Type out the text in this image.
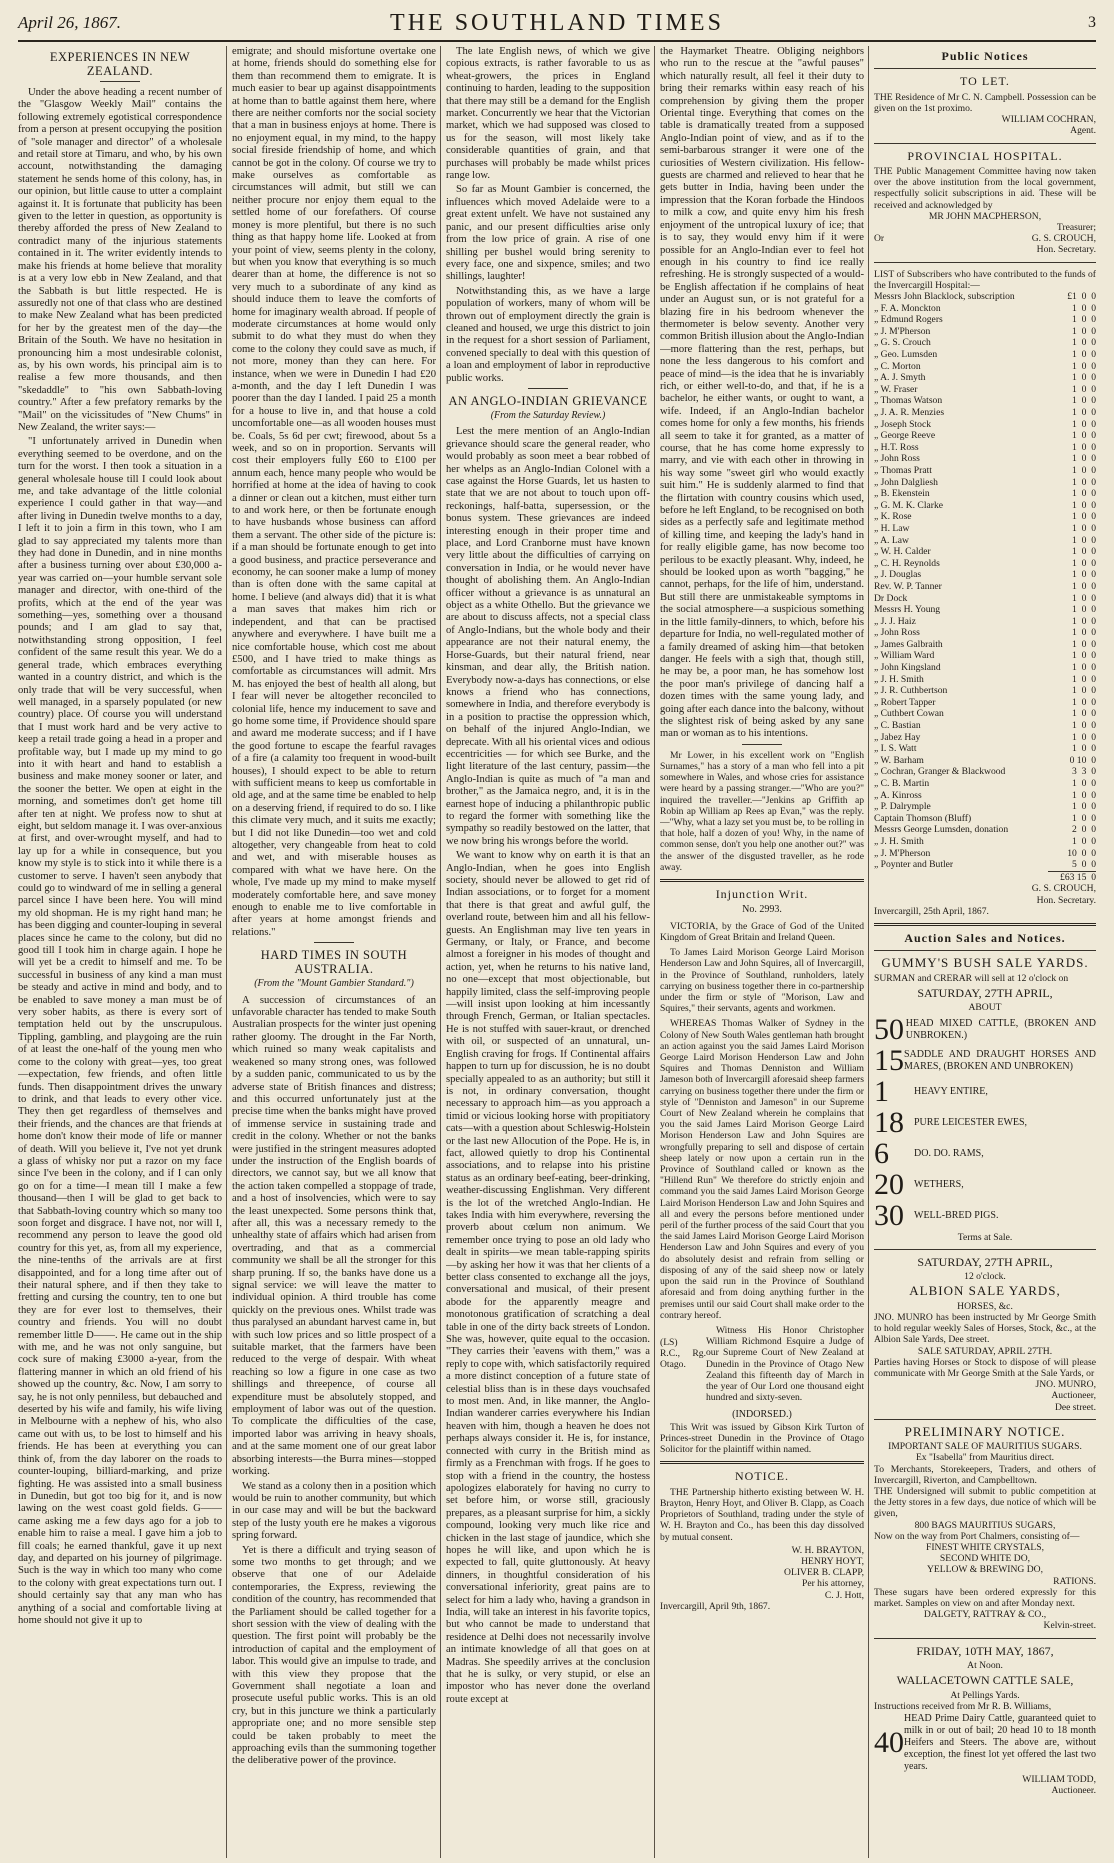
April 26, 1867.	THE SOUTHLAND TIMES	3
EXPERIENCES IN NEW ZEALAND.

Under the above heading a recent number of the "Glasgow Weekly Mail" contains the following extremely egotistical correspondence from a person at present occupying the position of "sole manager and director" of a wholesale and retail store at Timaru, and who, by his own account, notwithstanding the damaging statement he sends home of this colony, has, in our opinion, but little cause to utter a complaint against it. It is fortunate that publicity has been given to the letter in question, as opportunity is thereby afforded the press of New Zealand to contradict many of the injurious statements contained in it. The writer evidently intends to make his friends at home believe that morality is at a very low ebb in New Zealand, and that the Sabbath is but little respected. He is assuredly not one of that class who are destined to make New Zealand what has been predicted for her by the greatest men of the day—the Britain of the South. We have no hesitation in pronouncing him a most undesirable colonist, as, by his own words, his principal aim is to realise a few more thousands, and then "skedaddle" to "his own Sabbath-loving country." After a few prefatory remarks by the "Mail" on the vicissitudes of "New Chums" in New Zealand, the writer says:—

"I unfortunately arrived in Dunedin when everything seemed to be overdone, and on the turn for the worst. I then took a situation in a general wholesale house till I could look about me, and take advantage of the little colonial experience I could gather in that way—and after living in Dunedin twelve months to a day, I left it to join a firm in this town, who I am glad to say appreciated my talents more than they had done in Dunedin, and in nine months after a business turning over about £30,000 a-year was carried on—your humble servant sole manager and director, with one-third of the profits, which at the end of the year was something—yes, something over a thousand pounds; and I am glad to say that, notwithstanding strong opposition, I feel confident of the same result this year. We do a general trade, which embraces everything wanted in a country district, and which is the only trade that will be very successful, when well managed, in a sparsely populated (or new country) place. Of course you will understand that I must work hard and be very active to keep a retail trade going a head in a proper and profitable way, but I made up my mind to go into it with heart and hand to establish a business and make money sooner or later, and the sooner the better. We open at eight in the morning, and sometimes don't get home till after ten at night. We profess now to shut at eight, but seldom manage it. I was over-anxious at first, and over-wrought myself, and had to lay up for a while in consequence, but you know my style is to stick into it while there is a customer to serve. I haven't seen anybody that could go to windward of me in selling a general parcel since I have been here. You will mind my old shopman. He is my right hand man; he has been digging and counter-louping in several places since he came to the colony, but did no good till I took him in charge again. I hope he will yet be a credit to himself and me. To be successful in business of any kind a man must be steady and active in mind and body, and to be enabled to save money a man must be of very sober habits, as there is every sort of temptation held out by the unscrupulous. Tippling, gambling, and playgoing are the ruin of at least the one-half of the young men who come to the colony with great—yes, too great—expectation, few friends, and often little funds. Then disappointment drives the unwary to drink, and that leads to every other vice. They then get regardless of themselves and their friends, and the chances are that friends at home don't know their mode of life or manner of death. Will you believe it, I've not yet drunk a glass of whisky nor put a razor on my face since I've been in the colony, and if I can only go on for a time—I mean till I make a few thousand—then I will be glad to get back to that Sabbath-loving country which so many too soon forget and disgrace. I have not, nor will I, recommend any person to leave the good old country for this yet, as, from all my experience, the nine-tenths of the arrivals are at first disappointed, and for a long time after out of their natural sphere, and if then they take to fretting and cursing the country, ten to one but they are for ever lost to themselves, their country and friends. You will no doubt remember little D——. He came out in the ship with me, and he was not only sanguine, but cock sure of making £3000 a-year, from the flattering manner in which an old friend of his showed up the country, &c. Now, I am sorry to say, he is not only penniless, but debauched and deserted by his wife and family, his wife living in Melbourne with a nephew of his, who also came out with us, to be lost to himself and his friends. He has been at everything you can think of, from the day laborer on the roads to counter-louping, billiard-marking, and prize fighting. He was assisted into a small business in Dunedin, but got too big for it, and is now lawing on the west coast gold fields. G—— came asking me a few days ago for a job to enable him to raise a meal. I gave him a job to fill coals; he earned thankful, gave it up next day, and departed on his journey of pilgrimage. Such is the way in which too many who come to the colony with great expectations turn out. I should certainly say that any man who has anything of a social and comfortable living at home should not give it up to

emigrate; and should misfortune overtake one at home, friends should do something else for them than recommend them to emigrate. It is much easier to bear up against disappointments at home than to battle against them here, where there are neither comforts nor the social society that a man in business enjoys at home. There is no enjoyment equal, in my mind, to the happy social fireside friendship of home, and which cannot be got in the colony. Of course we try to make ourselves as comfortable as circumstances will admit, but still we can neither procure nor enjoy them equal to the settled home of our forefathers. Of course money is more plentiful, but there is no such thing as that happy home life. Looked at from your point of view, seems plenty in the colony, but when you know that everything is so much dearer than at home, the difference is not so very much to a subordinate of any kind as should induce them to leave the comforts of home for imaginary wealth abroad. If people of moderate circumstances at home would only submit to do what they must do when they come to the colony they could save as much, if not more, money than they can here. For instance, when we were in Dunedin I had £20 a-month, and the day I left Dunedin I was poorer than the day I landed. I paid 25 a month for a house to live in, and that house a cold uncomfortable one—as all wooden houses must be. Coals, 5s 6d per cwt; firewood, about 5s a week, and so on in proportion. Servants will cost their employers fully £60 to £100 per annum each, hence many people who would be horrified at home at the idea of having to cook a dinner or clean out a kitchen, must either turn to and work here, or then be fortunate enough to have husbands whose business can afford them a servant. The other side of the picture is: if a man should be fortunate enough to get into a good business, and practice perseverance and economy, he can sooner make a lump of money than is often done with the same capital at home. I believe (and always did) that it is what a man saves that makes him rich or independent, and that can be practised anywhere and everywhere. I have built me a nice comfortable house, which cost me about £500, and I have tried to make things as comfortable as circumstances will admit. Mrs M. has enjoyed the best of health all along, but I fear will never be altogether reconciled to colonial life, hence my inducement to save and go home some time, if Providence should spare and award me moderate success; and if I have the good fortune to escape the fearful ravages of a fire (a calamity too frequent in wood-built houses), I should expect to be able to return with sufficient means to keep us comfortable in old age, and at the same time be enabled to help on a deserving friend, if required to do so. I like this climate very much, and it suits me exactly; but I did not like Dunedin—too wet and cold altogether, very changeable from heat to cold and wet, and with miserable houses as compared with what we have here. On the whole, I've made up my mind to make myself moderately comfortable here, and save money enough to enable me to live comfortable in after years at home amongst friends and relations."

HARD TIMES IN SOUTH AUSTRALIA.
(From the "Mount Gambier Standard.")

A succession of circumstances of an unfavorable character has tended to make South Australian prospects for the winter just opening rather gloomy. The drought in the Far North, which ruined so many weak capitalists and weakened so many strong ones, was followed by a sudden panic, communicated to us by the adverse state of British finances and distress; and this occurred unfortunately just at the precise time when the banks might have proved of immense service in sustaining trade and credit in the colony. Whether or not the banks were justified in the stringent measures adopted under the instruction of the English boards of directors, we cannot say, but we all know that the action taken compelled a stoppage of trade, and a host of insolvencies, which were to say the least unexpected. Some persons think that, after all, this was a necessary remedy to the unhealthy state of affairs which had arisen from overtrading, and that as a commercial community we shall be all the stronger for this sharp pruning. If so, the banks have done us a signal service: we will leave the matter to individual opinion. A third trouble has come quickly on the previous ones. Whilst trade was thus paralysed an abundant harvest came in, but with such low prices and so little prospect of a suitable market, that the farmers have been reduced to the verge of despair. With wheat reaching so low a figure in one case as two shillings and threepence, of course all expenditure must be absolutely stopped, and employment of labor was out of the question. To complicate the difficulties of the case, imported labor was arriving in heavy shoals, and at the same moment one of our great labor absorbing interests—the Burra mines—stopped working.

We stand as a colony then in a position which would be ruin to another community, but which in our case may and will be but the backward step of the lusty youth ere he makes a vigorous spring forward.

Yet is there a difficult and trying season of some two months to get through; and we observe that one of our Adelaide contemporaries, the Express, reviewing the condition of the country, has recommended that the Parliament should be called together for a short session with the view of dealing with the question. The first point will probably be the introduction of capital and the employment of labor. This would give an impulse to trade, and with this view they propose that the Government shall negotiate a loan and prosecute useful public works. This is an old cry, but in this juncture we think a particularly appropriate one; and no more sensible step could be taken probably to meet the approaching evils than the summoning together the deliberative power of the province.

The late English news, of which we give copious extracts, is rather favorable to us as wheat-growers, the prices in England continuing to harden, leading to the supposition that there may still be a demand for the English market. Concurrently we hear that the Victorian market, which we had supposed was closed to us for the season, will most likely take considerable quantities of grain, and that purchases will probably be made whilst prices range low.

So far as Mount Gambier is concerned, the influences which moved Adelaide were to a great extent unfelt. We have not sustained any panic, and our present difficulties arise only from the low price of grain. A rise of one shilling per bushel would bring serenity to every face, one and sixpence, smiles; and two shillings, laughter!

Notwithstanding this, as we have a large population of workers, many of whom will be thrown out of employment directly the grain is cleaned and housed, we urge this district to join in the request for a short session of Parliament, convened specially to deal with this question of a loan and employment of labor in reproductive public works.

AN ANGLO-INDIAN GRIEVANCE
(From the Saturday Review.)

Lest the mere mention of an Anglo-Indian grievance should scare the general reader, who would probably as soon meet a bear robbed of her whelps as an Anglo-Indian Colonel with a case against the Horse Guards, let us hasten to state that we are not about to touch upon off-reckonings, half-batta, supersession, or the bonus system. These grievances are indeed interesting enough in their proper time and place, and Lord Cranborne must have known very little about the difficulties of carrying on conversation in India, or he would never have thought of abolishing them. An Anglo-Indian officer without a grievance is as unnatural an object as a white Othello. But the grievance we are about to discuss affects, not a special class of Anglo-Indians, but the whole body and their appearance are not their natural enemy, the Horse-Guards, but their natural friend, near kinsman, and dear ally, the British nation. Everybody now-a-days has connections, or else knows a friend who has connections, somewhere in India, and therefore everybody is in a position to practise the oppression which, on behalf of the injured Anglo-Indian, we deprecate. With all his oriental vices and odious eccentricities — for which see Burke, and the light literature of the last century, passim—the Anglo-Indian is quite as much of "a man and brother," as the Jamaica negro, and, it is in the earnest hope of inducing a philanthropic public to regard the former with something like the sympathy so readily bestowed on the latter, that we now bring his wrongs before the world.

We want to know why on earth it is that an Anglo-Indian, when he goes into English society, should never be allowed to get rid of Indian associations, or to forget for a moment that there is that great and awful gulf, the overland route, between him and all his fellow-guests. An Englishman may live ten years in Germany, or Italy, or France, and become almost a foreigner in his modes of thought and action, yet, when he returns to his native land, no one—except that most objectionable, but happily limited, class the self-improving people—will insist upon looking at him incessantly through French, German, or Italian spectacles. He is not stuffed with sauer-kraut, or drenched with oil, or suspected of an unnatural, un-English craving for frogs. If Continental affairs happen to turn up for discussion, he is no doubt specially appealed to as an authority; but still it is not, in ordinary conversation, thought necessary to approach him—as you approach a timid or vicious looking horse with propitiatory cats—with a question about Schleswig-Holstein or the last new Allocution of the Pope. He is, in fact, allowed quietly to drop his Continental associations, and to relapse into his pristine status as an ordinary beef-eating, beer-drinking, weather-discussing Englishman. Very different is the lot of the wretched Anglo-Indian. He takes India with him everywhere, reversing the proverb about cœlum non animum. We remember once trying to pose an old lady who dealt in spirits—we mean table-rapping spirits—by asking her how it was that her clients of a better class consented to exchange all the joys, conversational and musical, of their present abode for the apparently meagre and monotonous gratification of scratching a deal table in one of the dirty back streets of London. She was, however, quite equal to the occasion. "They carries their 'eavens with them," was a reply to cope with, which satisfactorily required a more distinct conception of a future state of celestial bliss than is in these days vouchsafed to most men. And, in like manner, the Anglo-Indian wanderer carries everywhere his Indian heaven with him, though a heaven he does not perhaps always consider it. He is, for instance, connected with curry in the British mind as firmly as a Frenchman with frogs. If he goes to stop with a friend in the country, the hostess apologizes elaborately for having no curry to set before him, or worse still, graciously prepares, as a pleasant surprise for him, a sickly compound, looking very much like rice and chicken in the last stage of jaundice, which she hopes he will like, and upon which he is expected to fall, quite gluttonously. At heavy dinners, in thoughtful consideration of his conversational inferiority, great pains are to select for him a lady who, having a grandson in India, will take an interest in his favorite topics, but who cannot be made to understand that residence at Delhi does not necessarily involve an intimate knowledge of all that goes on at Madras. She speedily arrives at the conclusion that he is sulky, or very stupid, or else an impostor who has never done the overland route except at

the Haymarket Theatre. Obliging neighbors who run to the rescue at the "awful pauses" which naturally result, all feel it their duty to bring their remarks within easy reach of his comprehension by giving them the proper Oriental tinge. Everything that comes on the table is dramatically treated from a supposed Anglo-Indian point of view, and as if to the semi-barbarous stranger it were one of the curiosities of Western civilization. His fellow-guests are charmed and relieved to hear that he gets butter in India, having been under the impression that the Koran forbade the Hindoos to milk a cow, and quite envy him his fresh enjoyment of the untropical luxury of ice; that is to say, they would envy him if it were possible for an Anglo-Indian ever to feel hot enough in his country to find ice really refreshing. He is strongly suspected of a would-be English affectation if he complains of heat under an August sun, or is not grateful for a blazing fire in his bedroom whenever the thermometer is below seventy. Another very common British illusion about the Anglo-Indian—more flattering than the rest, perhaps, but none the less dangerous to his comfort and peace of mind—is the idea that he is invariably rich, or either well-to-do, and that, if he is a bachelor, he either wants, or ought to want, a wife. Indeed, if an Anglo-Indian bachelor comes home for only a few months, his friends all seem to take it for granted, as a matter of course, that he has come home expressly to marry, and vie with each other in throwing in his way some "sweet girl who would exactly suit him." He is suddenly alarmed to find that the flirtation with country cousins which used, before he left England, to be recognised on both sides as a perfectly safe and legitimate method of killing time, and keeping the lady's hand in for really eligible game, has now become too perilous to be exactly pleasant. Why, indeed, he should be looked upon as worth "bagging," he cannot, perhaps, for the life of him, understand. But still there are unmistakeable symptoms in the social atmosphere—a suspicious something in the little family-dinners, to which, before his departure for India, no well-regulated mother of a family dreamed of asking him—that betoken danger. He feels with a sigh that, though still, he may be, a poor man, he has somehow lost the poor man's privilege of dancing half a dozen times with the same young lady, and going after each dance into the balcony, without the slightest risk of being asked by any sane man or woman as to his intentions.

Mr Lower, in his excellent work on "English Surnames," has a story of a man who fell into a pit somewhere in Wales, and whose cries for assistance were heard by a passing stranger.—"Who are you?" inquired the traveller.—"Jenkins ap Griffith ap Robin ap William ap Rees ap Evan," was the reply.—"Why, what a lazy set you must be, to be rolling in that hole, half a dozen of you! Why, in the name of common sense, don't you help one another out?" was the answer of the disgusted traveller, as he rode away.

Injunction Writ.
No. 2993.

VICTORIA, by the Grace of God of the United Kingdom of Great Britain and Ireland Queen.

To James Laird Morison George Laird Morison Henderson Law and John Squires, all of Invercargill, in the Province of Southland, runholders, lately carrying on business together there in co-partnership under the firm or style of "Morison, Law and Squires," their servants, agents and workmen.

WHEREAS Thomas Walker of Sydney in the Colony of New South Wales gentleman hath brought an action against you the said James Laird Morison George Laird Morison Henderson Law and John Squires and Thomas Denniston and William Jameson both of Invercargill aforesaid sheep farmers carrying on business together there under the firm or style of "Denniston and Jameson" in our Supreme Court of New Zealand wherein he complains that you the said James Laird Morison George Laird Morison Henderson Law and John Squires are wrongfully preparing to sell and dispose of certain sheep lately or now upon a certain run in the Province of Southland called or known as the "Hillend Run" We therefore do strictly enjoin and command you the said James Laird Morison George Laird Morison Henderson Law and John Squires and all and every the persons before mentioned under peril of the further process of the said Court that you the said James Laird Morison George Laird Morison Henderson Law and John Squires and every of you do absolutely desist and refrain from selling or disposing of any of the said sheep now or lately upon the said run in the Province of Southland aforesaid and from doing anything further in the premises until our said Court shall make order to the contrary hereof.

(LS)
R.C., Rg. Otago.

Witness His Honor Christopher William Richmond Esquire a Judge of our Supreme Court of New Zealand at Dunedin in the Province of Otago New Zealand this fifteenth day of March in the year of Our Lord one thousand eight hundred and sixty-seven.

(INDORSED.)

This Writ was issued by Gibson Kirk Turton of Princes-street Dunedin in the Province of Otago Solicitor for the plaintiff within named.

NOTICE.

THE Partnership hitherto existing between W. H. Brayton, Henry Hoyt, and Oliver B. Clapp, as Coach Proprietors of Southland, trading under the style of W. H. Brayton and Co., has been this day dissolved by mutual consent.

W. H. BRAYTON,
HENRY HOYT,
OLIVER B. CLAPP,
Per his attorney,
C. J. Hott,
Invercargill, April 9th, 1867.
Public Notices
TO LET.

THE Residence of Mr C. N. Campbell. Possession can be given on the 1st proximo.

WILLIAM COCHRAN,
Agent.
PROVINCIAL HOSPITAL.

THE Public Management Committee having now taken over the above institution from the local government, respectfully solicit subscriptions in aid. These will be received and acknowledged by

MR JOHN MACPHERSON,
Treasurer;
Or	G. S. CROUCH,
Hon. Secretary.

LIST of Subscribers who have contributed to the funds of the Invercargill Hospital:—

Messrs John Blacklock, subscription	£1  0  0
„ F. A. Monckton	1  0  0
„ Edmund Rogers	1  0  0
„ J. M'Pherson	1  0  0
„ G. S. Crouch	1  0  0
„ Geo. Lumsden	1  0  0
„ C. Morton	1  0  0
„ A. J. Smyth	1  0  0
„ W. Fraser	1  0  0
„ Thomas Watson	1  0  0
„ J. A. R. Menzies	1  0  0
„ Joseph Stock	1  0  0
„ George Reeve	1  0  0
„ H.T. Ross	1  0  0
„ John Ross	1  0  0
„ Thomas Pratt	1  0  0
„ John Dalgliesh	1  0  0
„ B. Ekenstein	1  0  0
„ G. M. K. Clarke	1  0  0
„ K. Rose	1  0  0
„ H. Law	1  0  0
„ A. Law	1  0  0
„ W. H. Calder	1  0  0
„ C. H. Reynolds	1  0  0
„ J. Douglas	1  0  0
Rev. W. P. Tanner	1  0  0
Dr Dock	1  0  0
Messrs H. Young	1  0  0
„ J. J. Haiz	1  0  0
„ John Ross	1  0  0
„ James Galbraith	1  0  0
„ William Ward	1  0  0
„ John Kingsland	1  0  0
„ J. H. Smith	1  0  0
„ J. R. Cuthbertson	1  0  0
„ Robert Tapper	1  0  0
„ Cuthbert Cowan	1  0  0
„ C. Bastian	1  0  0
„ Jabez Hay	1  0  0
„ I. S. Watt	1  0  0
„ W. Barham	0 10  0
„ Cochran, Granger & Blackwood	3  3  0
„ C. B. Martin	1  0  0
„ A. Kinross	1  0  0
„ P. Dalrymple	1  0  0
Captain Thomson (Bluff)	1  0  0
Messrs George Lumsden, donation	2  0  0
„ J. H. Smith	1  0  0
„ J. M'Pherson	10  0  0
„ Poynter and Butler	5  0  0
£63 15  0
G. S. CROUCH,
Hon. Secretary.
Invercargill, 25th April, 1867.
Auction Sales and Notices.
GUMMY'S BUSH SALE YARDS.

SURMAN and CRERAR will sell at 12 o'clock on

SATURDAY, 27TH APRIL,
ABOUT
50 HEAD MIXED CATTLE, (BROKEN AND UNBROKEN.)
15 SADDLE AND DRAUGHT HORSES AND MARES, (BROKEN AND UNBROKEN)
1	HEAVY ENTIRE,
18	PURE LEICESTER EWES,
6	DO. DO. RAMS,
20	WETHERS,
30	WELL-BRED PIGS.
Terms at Sale.
SATURDAY, 27TH APRIL,
12 o'clock.
ALBION SALE YARDS,
HORSES, &c.

JNO. MUNRO has been instructed by Mr George Smith to hold regular weekly Sales of Horses, Stock, &c., at the Albion Sale Yards, Dee street.

SALE SATURDAY, APRIL 27TH.

Parties having Horses or Stock to dispose of will please communicate with Mr George Smith at the Sale Yards, or

JNO. MUNRO,
Auctioneer,
Dee street.
PRELIMINARY NOTICE.
IMPORTANT SALE OF MAURITIUS SUGARS.
Ex "Isabella" from Mauritius direct.

To Merchants, Storekeepers, Traders, and others of Invercargill, Riverton, and Campbelltown.

THE Undersigned will submit to public competition at the Jetty stores in a few days, due notice of which will be given,

800 BAGS MAURITIUS SUGARS,

Now on the way from Port Chalmers, consisting of—

FINEST WHITE CRYSTALS,
SECOND WHITE DO,
YELLOW & BREWING DO,
RATIONS.

These sugars have been ordered expressly for this market. Samples on view on and after Monday next.

DALGETY, RATTRAY & CO.,
Kelvin-street.
FRIDAY, 10TH MAY, 1867,
At Noon.
WALLACETOWN CATTLE SALE,
At Pellings Yards.
Instructions received from Mr R. B. Williams,
40
HEAD Prime Dairy Cattle, guaranteed quiet to milk in or out of bail; 20 head 10 to 18 month Heifers and Steers. The above are, without exception, the finest lot yet offered the last two years.
WILLIAM TODD,
Auctioneer.
